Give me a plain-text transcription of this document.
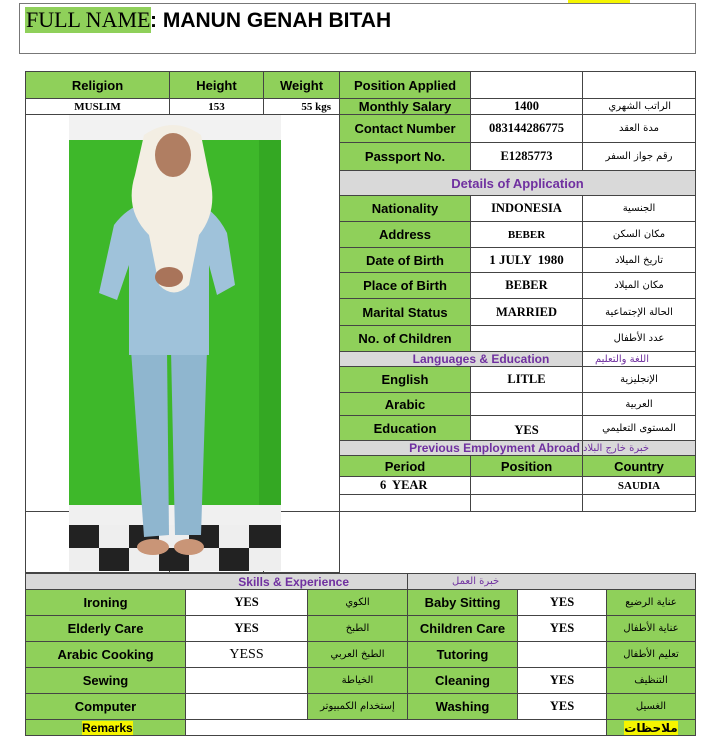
FULL NAME : MANUN GENAH BITAH
Religion	Height	Weight	Position Applied		
MUSLIM	153	55 kgs	Monthly Salary	1400	الراتب الشهري
			Contact Number	083144286775	مدة العقد
			Passport No.	E1285773	رقم جواز السفر
			Details of Application		
			Nationality	INDONESIA	الجنسية
			Address	BEBER	مكان السكن
			Date of Birth	1 JULY  1980	تاريخ الميلاد
			Place of Birth	BEBER	مكان الميلاد
			Marital Status	MARRIED	الحالة الإجتماعية
			No. of Children		عدد الأطفال
			Languages & Education		اللغة والتعليم
			English	LITLE	الإنجليزية
			Arabic		العربية
			Education	YES	المستوى التعليمي
			Previous Employment Abroad		خبرة خارج البلاد
			Period	Position	Country
			6  YEAR		SAUDIA

Skills & Experience			خبرة العمل		
Ironing	YES	الكوي	Baby Sitting	YES	عناية الرضيع
Elderly Care	YES	الطبخ	Children Care	YES	عناية الأطفال
Arabic Cooking	YESS	الطبخ العربي	Tutoring		تعليم الأطفال
Sewing		الخياطة	Cleaning	YES	التنظيف
Computer		إستخدام الكمبيوتر	Washing	YES	الغسيل
Remarks					ملاحظات
